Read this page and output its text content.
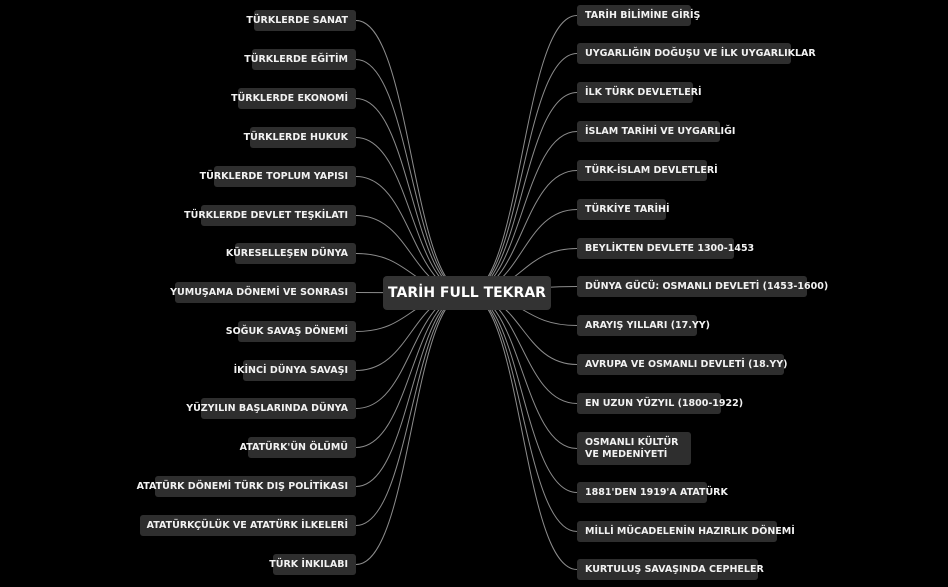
TÜRKLERDE SANAT
TÜRKLERDE EĞİTİM
TÜRKLERDE EKONOMİ
TÜRKLERDE HUKUK
TÜRKLERDE TOPLUM YAPISI
TÜRKLERDE DEVLET TEŞKİLATI
KÜRESELLEŞEN DÜNYA
YUMUŞAMA DÖNEMİ VE SONRASI
SOĞUK SAVAŞ DÖNEMİ
İKİNCİ DÜNYA SAVAŞI
YÜZYILIN BAŞLARINDA DÜNYA
ATATÜRK'ÜN ÖLÜMÜ
ATATÜRK DÖNEMİ TÜRK DIŞ POLİTİKASI
ATATÜRKÇÜLÜK VE ATATÜRK İLKELERİ
TÜRK İNKILABI
TARİH BİLİMİNE GİRİŞ
UYGARLIĞIN DOĞUŞU VE İLK UYGARLIKLAR
İLK TÜRK DEVLETLERİ
İSLAM TARİHİ VE UYGARLIĞI
TÜRK-İSLAM DEVLETLERİ
TÜRKİYE TARİHİ
BEYLİKTEN DEVLETE 1300-1453
DÜNYA GÜCÜ: OSMANLI DEVLETİ (1453-1600)
ARAYIŞ YILLARI (17.YY)
AVRUPA VE OSMANLI DEVLETİ (18.YY)
EN UZUN YÜZYIL (1800-1922)
OSMANLI KÜLTÜR VE MEDENİYETİ
1881'DEN 1919'A ATATÜRK
MİLLİ MÜCADELENİN HAZIRLIK DÖNEMİ
KURTULUŞ SAVAŞINDA CEPHELER
TARİH FULL TEKRAR
